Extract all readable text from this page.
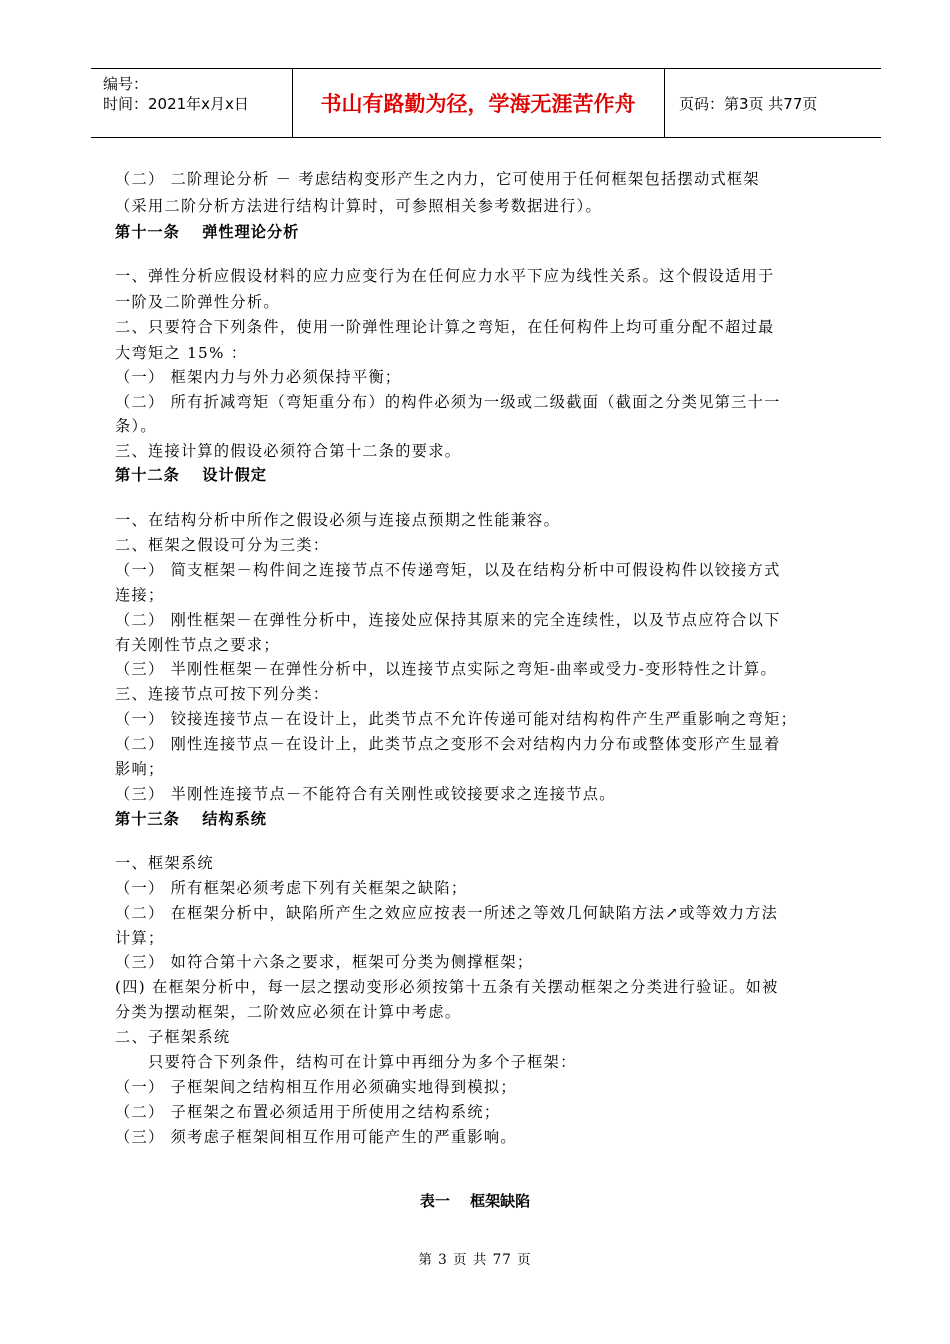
编号：
时间：2021年x月x日	书山有路勤为径，学海无涯苦作舟	页码：第3页 共77页
（二） 二阶理论分析 － 考虑结构变形产生之内力，它可使用于任何框架包括摆动式框架
（采用二阶分析方法进行结构计算时，可参照相关参考数据进行）。
第十一条　 弹性理论分析
一、弹性分析应假设材料的应力应变行为在任何应力水平下应为线性关系。这个假设适用于
一阶及二阶弹性分析。
二、只要符合下列条件，使用一阶弹性理论计算之弯矩，在任何构件上均可重分配不超过最
大弯矩之 15% ：
（一） 框架内力与外力必须保持平衡；
（二） 所有折减弯矩（弯矩重分布）的构件必须为一级或二级截面（截面之分类见第三十一
条）。
三、连接计算的假设必须符合第十二条的要求。
第十二条　 设计假定
一、在结构分析中所作之假设必须与连接点预期之性能兼容。
二、框架之假设可分为三类：
（一） 简支框架－构件间之连接节点不传递弯矩，以及在结构分析中可假设构件以铰接方式
连接；
（二） 刚性框架－在弹性分析中，连接处应保持其原来的完全连续性，以及节点应符合以下
有关刚性节点之要求；
（三） 半刚性框架－在弹性分析中，以连接节点实际之弯矩-曲率或受力-变形特性之计算。
三、连接节点可按下列分类：
（一） 铰接连接节点－在设计上，此类节点不允许传递可能对结构构件产生严重影响之弯矩；
（二） 刚性连接节点－在设计上，此类节点之变形不会对结构内力分布或整体变形产生显着
影响；
（三） 半刚性连接节点－不能符合有关刚性或铰接要求之连接节点。
第十三条　 结构系统
一、框架系统
（一） 所有框架必须考虑下列有关框架之缺陷；
（二） 在框架分析中，缺陷所产生之效应应按表一所述之等效几何缺陷方法↗或等效力方法
计算；
（三） 如符合第十六条之要求，框架可分类为侧撑框架；
(四) 在框架分析中，每一层之摆动变形必须按第十五条有关摆动框架之分类进行验证。如被
分类为摆动框架，二阶效应必须在计算中考虑。
二、子框架系统
　　只要符合下列条件，结构可在计算中再细分为多个子框架：
（一） 子框架间之结构相互作用必须确实地得到模拟；
（二） 子框架之布置必须适用于所使用之结构系统；
（三） 须考虑子框架间相互作用可能产生的严重影响。
表一　 框架缺陷
第 3 页 共 77 页
